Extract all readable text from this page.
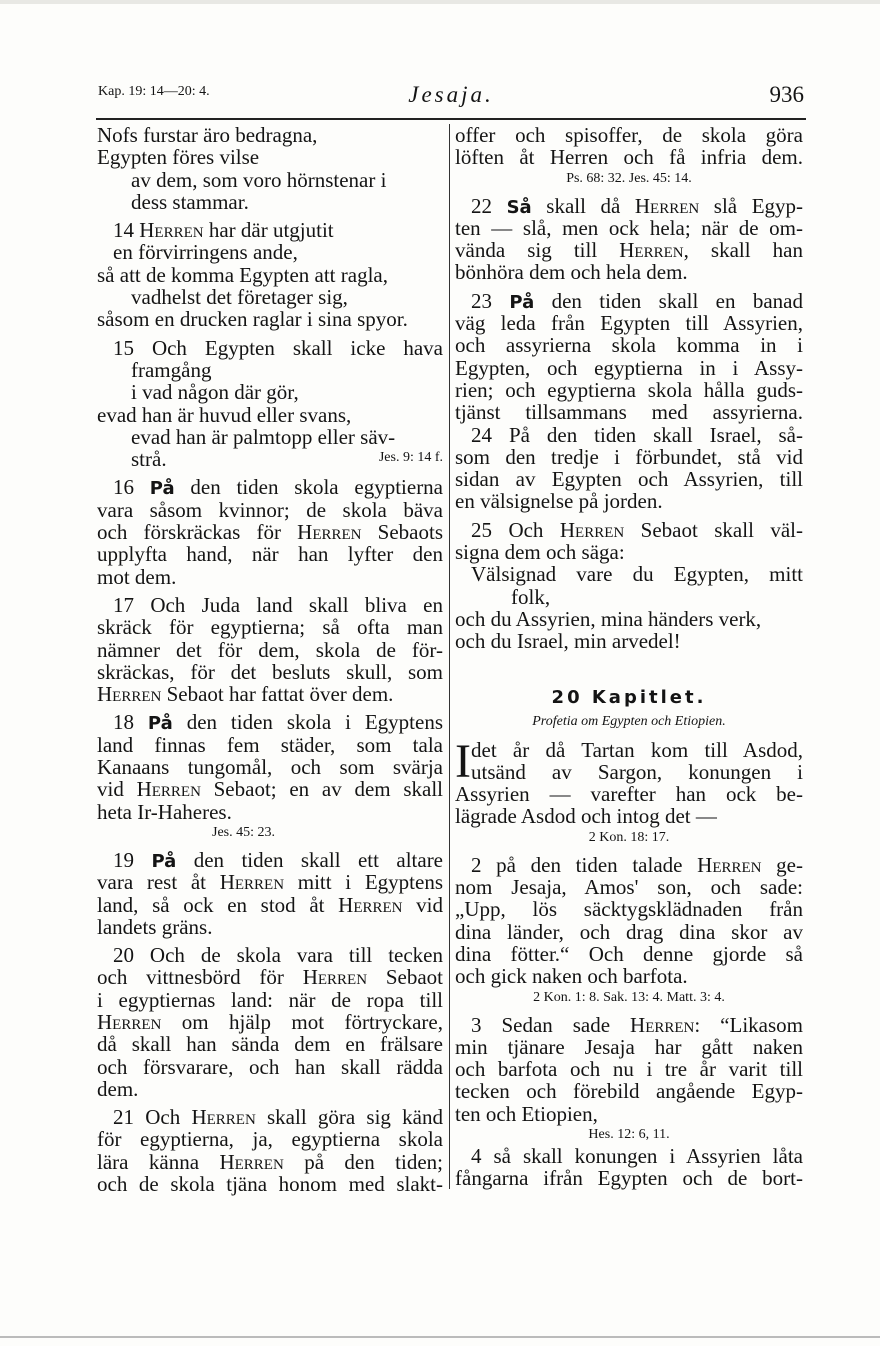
Kap. 19: 14—20: 4.	Jesaja.	936
Nofs furstar äro bedragna,
Egypten föres vilse
av dem, som voro hörnstenar i
dess stammar.
14 Herren har där utgjutit
en förvirringens ande,
så att de komma Egypten att ragla,
vadhelst det företager sig,
såsom en drucken raglar i sina spyor.
15 Och Egypten skall icke hava
framgång
i vad någon där gör,
evad han är huvud eller svans,
evad han är palmtopp eller säv-
strå.	Jes. 9: 14 f.
16 På den tiden skola egyptierna
vara såsom kvinnor; de skola bäva
och förskräckas för Herren Sebaots
upplyfta hand, när han lyfter den
mot dem.
17 Och Juda land skall bliva en
skräck för egyptierna; så ofta man
nämner det för dem, skola de för-
skräckas, för det besluts skull, som
Herren Sebaot har fattat över dem.
18 På den tiden skola i Egyptens
land finnas fem städer, som tala
Kanaans tungomål, och som svärja
vid Herren Sebaot; en av dem skall
heta Ir-Haheres.
Jes. 45: 23.
19 På den tiden skall ett altare
vara rest åt Herren mitt i Egyptens
land, så ock en stod åt Herren vid
landets gräns.
20 Och de skola vara till tecken
och vittnesbörd för Herren Sebaot
i egyptiernas land: när de ropa till
Herren om hjälp mot förtryckare,
då skall han sända dem en frälsare
och försvarare, och han skall rädda
dem.
21 Och Herren skall göra sig känd
för egyptierna, ja, egyptierna skola
lära känna Herren på den tiden;
och de skola tjäna honom med slakt-
offer och spisoffer, de skola göra
löften åt Herren och få infria dem.
Ps. 68: 32. Jes. 45: 14.
22 Så skall då Herren slå Egyp-
ten — slå, men ock hela; när de om-
vända sig till Herren, skall han
bönhöra dem och hela dem.
23 På den tiden skall en banad
väg leda från Egypten till Assyrien,
och assyrierna skola komma in i
Egypten, och egyptierna in i Assy-
rien; och egyptierna skola hålla guds-
tjänst tillsammans med assyrierna.
24 På den tiden skall Israel, så-
som den tredje i förbundet, stå vid
sidan av Egypten och Assyrien, till
en välsignelse på jorden.
25 Och Herren Sebaot skall väl-
signa dem och säga:
Välsignad vare du Egypten, mitt
folk,
och du Assyrien, mina händers verk,
och du Israel, min arvedel!
20 Kapitlet.
Profetia om Egypten och Etiopien.
I det år då Tartan kom till Asdod,
utsänd av Sargon, konungen i
Assyrien — varefter han ock be-
lägrade Asdod och intog det —
2 Kon. 18: 17.
2 på den tiden talade Herren ge-
nom Jesaja, Amos' son, och sade:
„Upp, lös säcktygsklädnaden från
dina länder, och drag dina skor av
dina fötter.“ Och denne gjorde så
och gick naken och barfota.
2 Kon. 1: 8. Sak. 13: 4. Matt. 3: 4.
3 Sedan sade Herren: “Likasom
min tjänare Jesaja har gått naken
och barfota och nu i tre år varit till
tecken och förebild angående Egyp-
ten och Etiopien,
Hes. 12: 6, 11.
4 så skall konungen i Assyrien låta
fångarna ifrån Egypten och de bort-
